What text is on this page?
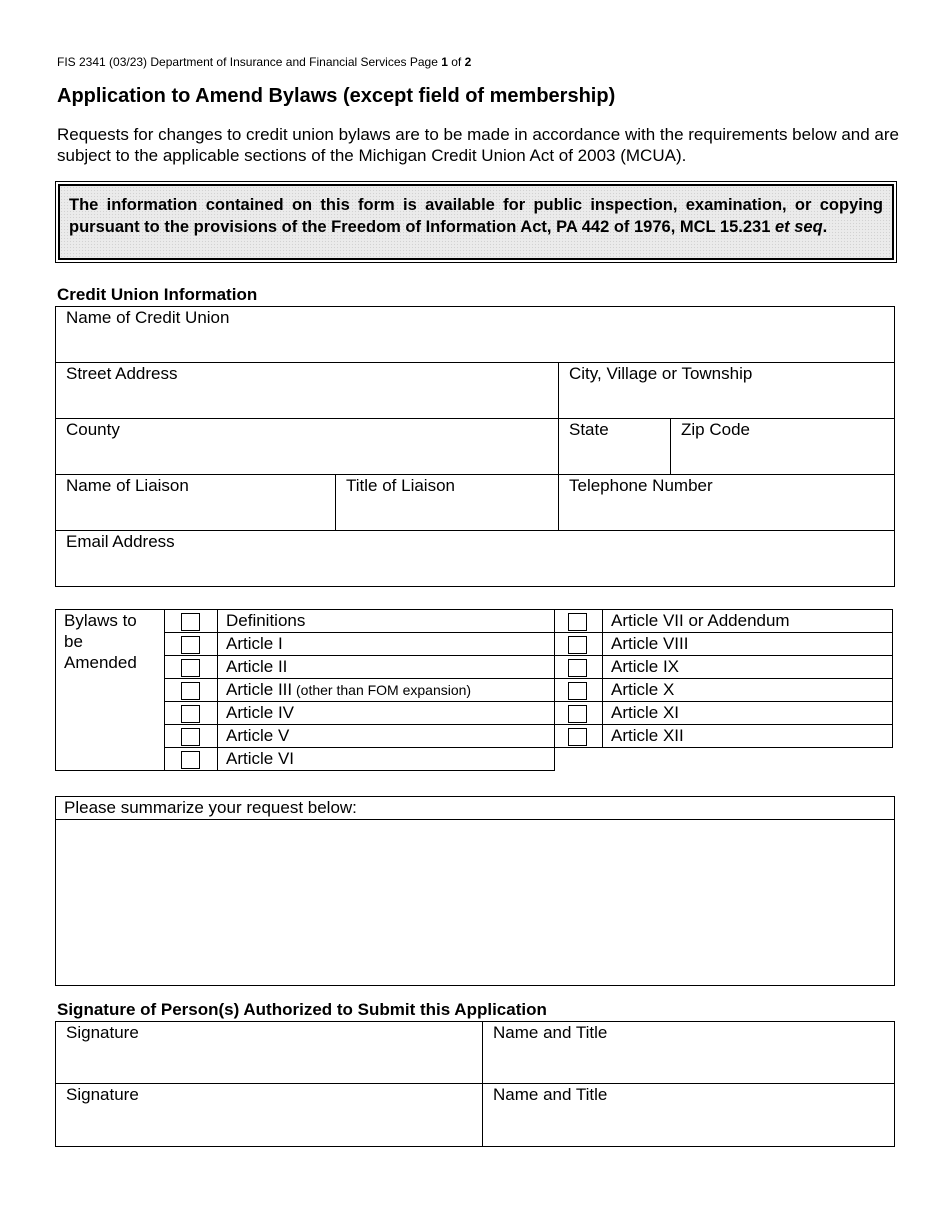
FIS 2341 (03/23) Department of Insurance and Financial Services Page 1 of 2
Application to Amend Bylaws (except field of membership)
Requests for changes to credit union bylaws are to be made in accordance with the requirements below and are subject to the applicable sections of the Michigan Credit Union Act of 2003 (MCUA).
The information contained on this form is available for public inspection, examination, or copying pursuant to the provisions of the Freedom of Information Act, PA 442 of 1976, MCL 15.231 et seq.
Credit Union Information
Name of Credit Union
Street Address	City, Village or Township
County	State	Zip Code
Name of Liaison	Title of Liaison	Telephone Number
Email Address
Bylaws to
be
Amended
Definitions
Article I
Article II
Article III (other than FOM expansion)
Article IV
Article V
Article VI
Article VII or Addendum
Article VIII
Article IX
Article X
Article XI
Article XII
Please summarize your request below:
Signature of Person(s) Authorized to Submit this Application
Signature	Name and Title
Signature	Name and Title
